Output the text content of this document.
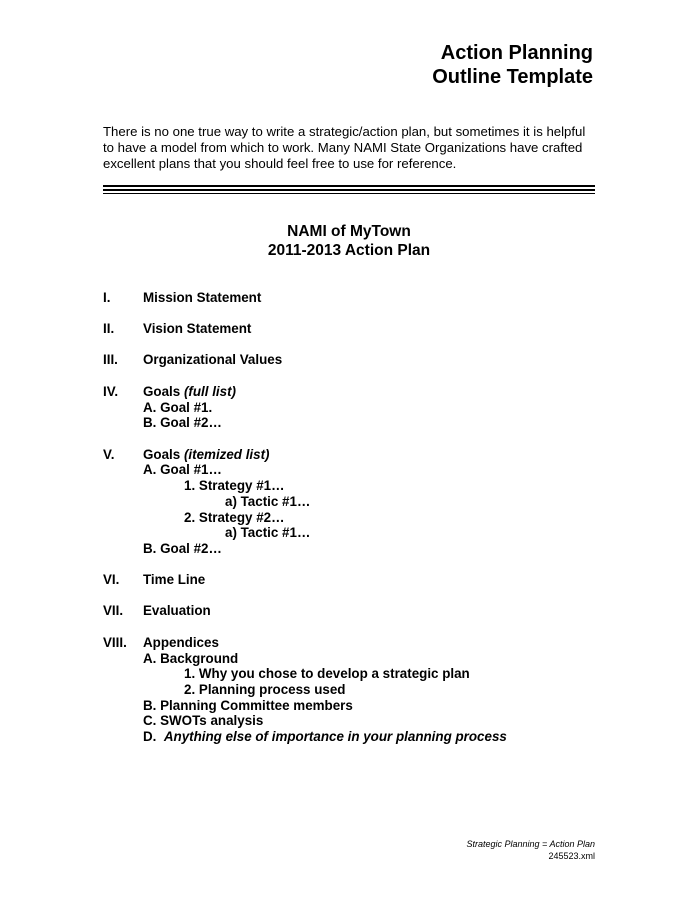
Action Planning
Outline Template
There is no one true way to write a strategic/action plan, but sometimes it is helpful to have a model from which to work. Many NAMI State Organizations have crafted excellent plans that you should feel free to use for reference.
NAMI of MyTown
2011-2013 Action Plan
I. Mission Statement
II. Vision Statement
III. Organizational Values
IV. Goals (full list)
A. Goal #1.
B. Goal #2…
V. Goals (itemized list)
A. Goal #1…
1. Strategy #1…
a) Tactic #1…
2. Strategy #2…
a) Tactic #1…
B. Goal #2…
VI. Time Line
VII. Evaluation
VIII. Appendices
A. Background
1. Why you chose to develop a strategic plan
2. Planning process used
B. Planning Committee members
C. SWOTs analysis
D.  Anything else of importance in your planning process
Strategic Planning = Action Plan
245523.xml
